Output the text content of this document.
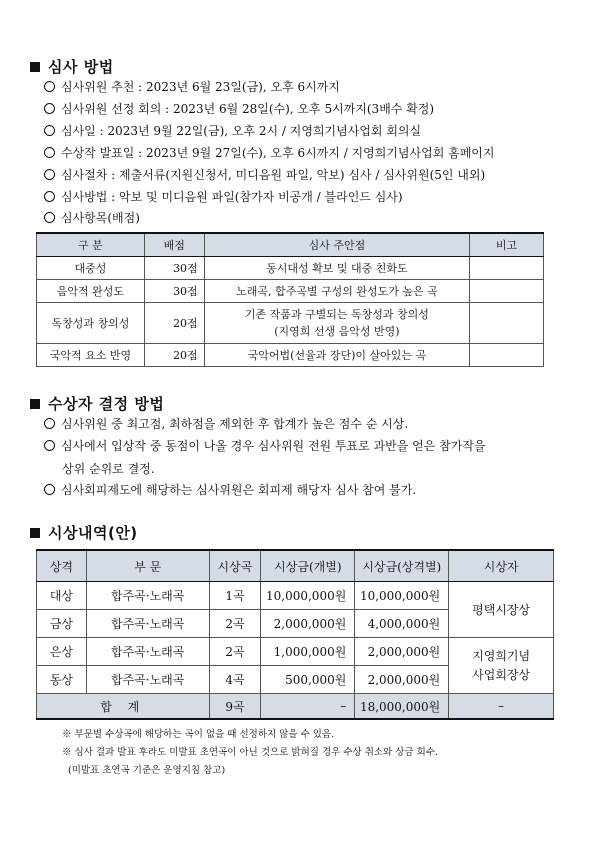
심사 방법
심사위원 추천 : 2023년 6월 23일(금), 오후 6시까지
심사위원 선정 회의 : 2023년 6월 28일(수), 오후 5시까지(3배수 확정)
심사일 : 2023년 9월 22일(금), 오후 2시 / 지영희기념사업회 회의실
수상작 발표일 : 2023년 9월 27일(수), 오후 6시까지 / 지영희기념사업회 홈페이지
심사절차 : 제출서류(지원신청서, 미디음원 파일, 악보) 심사 / 심사위원(5인 내외)
심사방법 : 악보 및 미디음원 파일(참가자 비공개 / 블라인드 심사)
심사항목(배점)
구 분	배점	심사 주안점	비고
대중성	30점	동시대성 확보 및 대중 친화도	
음악적 완성도	30점	노래곡, 합주곡별 구성의 완성도가 높은 곡	
독창성과 창의성	20점	기존 작품과 구별되는 독창성과 창의성
(지영희 선생 음악성 반영)	

국악적 요소 반영	20점	국악어법(선율과 장단)이 살아있는 곡	
수상자 결정 방법
심사위원 중 최고점, 최하점을 제외한 후 합계가 높은 점수 순 시상.
심사에서 입상작 중 동점이 나올 경우 심사위원 전원 투표로 과반을 얻은 참가작을
상위 순위로 결정.
심사회피제도에 해당하는 심사위원은 회피제 해당자 심사 참여 불가.
시상내역(안)
상격	부 문	시상곡	시상금(개별)	시상금(상격별)	시상자
대상	합주곡·노래곡	1곡	10,000,000원	10,000,000원	평택시장상
금상	합주곡·노래곡	2곡	2,000,000원	4,000,000원	
은상	합주곡·노래곡	2곡	1,000,000원	2,000,000원	지영희기념
사업회장상

동상	합주곡·노래곡	4곡	500,000원	2,000,000원	
합 계		9곡	–	18,000,000원	–
※ 부문별 수상곡에 해당하는 곡이 없을 때 선정하지 않을 수 있음.
※ 심사 결과 발표 후라도 미발표 초연곡이 아닌 것으로 밝혀질 경우 수상 취소와 상금 회수.
(미발표 초연곡 기준은 운영지침 참고)
